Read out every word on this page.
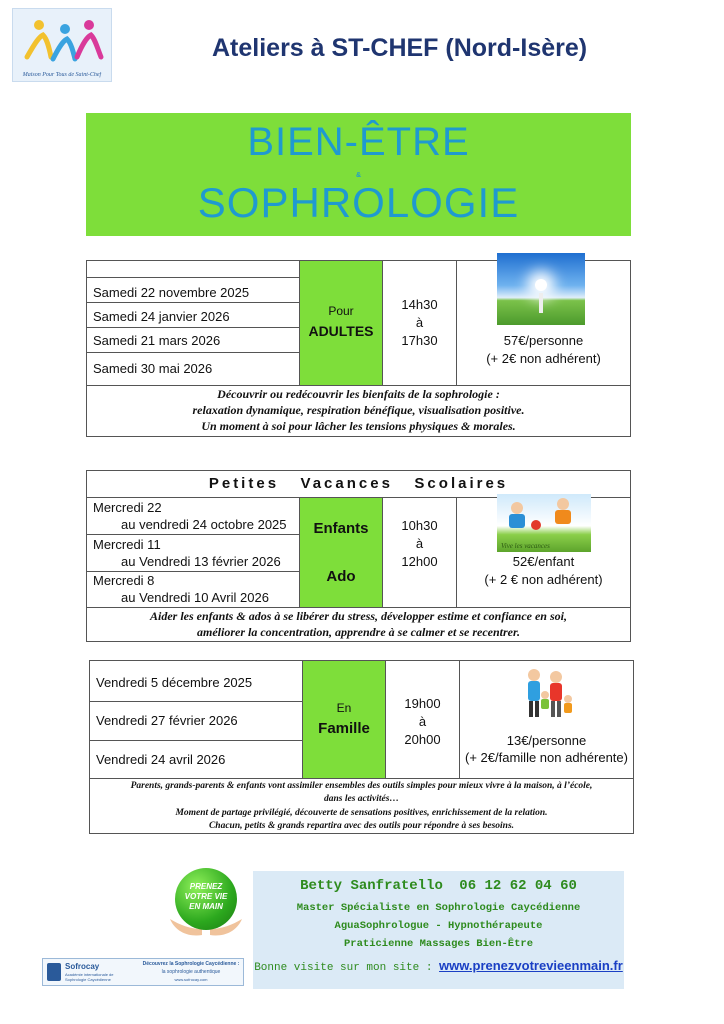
Maison Pour Tous de Saint-Chef
Ateliers à ST-CHEF (Nord-Isère)
BIEN-ÊTRE
&
SOPHROLOGIE
Samedi 22 novembre 2025
Samedi 24 janvier 2026
Samedi 21 mars 2026
Samedi 30 mai 2026
Pour
ADULTES
14h30
à
17h30	57€/personne
(+ 2€ non adhérent)
Découvrir ou redécouvrir les bienfaits de la sophrologie :
relaxation dynamique, respiration bénéfique, visualisation positive.
Un moment à soi pour lâcher les tensions physiques & morales.
Petites   Vacances   Scolaires
Mercredi 22
au vendredi 24 octobre 2025
Mercredi 11
au Vendredi 13 février 2026
Mercredi 8
au Vendredi 10 Avril 2026
Enfants
Ado
10h30
à
12h00
Vive les vacances
52€/enfant
(+ 2 € non adhérent)
Aider les enfants & ados à se libérer du stress, développer estime et confiance en soi,
améliorer la concentration, apprendre à se calmer et se recentrer.
Vendredi 5 décembre 2025
Vendredi 27 février 2026
Vendredi 24 avril 2026
En
Famille
19h00
à
20h00	13€/personne
(+ 2€/famille non adhérente)
Parents, grands-parents & enfants vont assimiler ensembles des outils simples pour mieux vivre à la maison, à l’école,
dans les activités…
Moment de partage privilégié, découverte de sensations positives, enrichissement de la relation.
Chacun, petits & grands repartira avec des outils pour répondre à ses besoins.
PRENEZ
VOTRE VIE
EN MAIN
Sofrocay
Académie internationale de Sophrologie Caycédienne
Découvrez la Sophrologie Caycédienne :
la sophrologie authentique
www.sofrocay.com
Betty Sanfratello 06 12 62 04 60
Master Spécialiste en Sophrologie Caycédienne
AguaSophrologue - Hypnothérapeute
Praticienne Massages Bien-Être
Bonne visite sur mon site : www.prenezvotrevieenmain.fr
